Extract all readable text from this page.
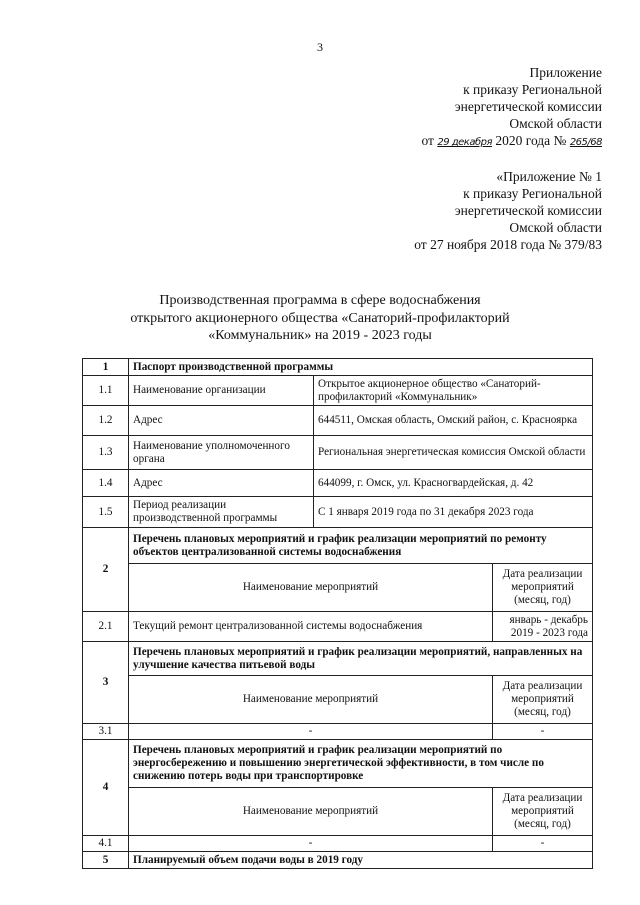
3
Приложение
к приказу Региональной
энергетической комиссии
Омской области
от 29 декабря 2020 года № 265/68
«Приложение № 1
к приказу Региональной
энергетической комиссии
Омской области
от 27 ноября 2018 года № 379/83
Производственная программа в сфере водоснабжения
открытого акционерного общества «Санаторий-профилакторий
«Коммунальник» на 2019 - 2023 годы
1	Паспорт производственной программы		
1.1	Наименование организации	Открытое акционерное общество «Санаторий-профилакторий «Коммунальник»	
1.2	Адрес	644511, Омская область, Омский район, с. Красноярка	
1.3	Наименование уполномоченного органа	Региональная энергетическая комиссия Омской области	
1.4	Адрес	644099, г. Омск, ул. Красногвардейская, д. 42	
1.5	Период реализации производственной программы	С 1 января 2019 года по 31 декабря 2023 года	
2	Перечень плановых мероприятий и график реализации мероприятий по ремонту объектов централизованной системы водоснабжения		
	Наименование мероприятий		Дата реализации мероприятий (месяц, год)
2.1	Текущий ремонт централизованной системы водоснабжения		январь - декабрь 2019 - 2023 года
3	Перечень плановых мероприятий и график реализации мероприятий, направленных на улучшение качества питьевой воды		
	Наименование мероприятий		Дата реализации мероприятий (месяц, год)
3.1	-		-
4	Перечень плановых мероприятий и график реализации мероприятий по энергосбережению и повышению энергетической эффективности, в том числе по снижению потерь воды при транспортировке		
	Наименование мероприятий		Дата реализации мероприятий (месяц, год)
4.1	-		-
5	Планируемый объем подачи воды в 2019 году		
